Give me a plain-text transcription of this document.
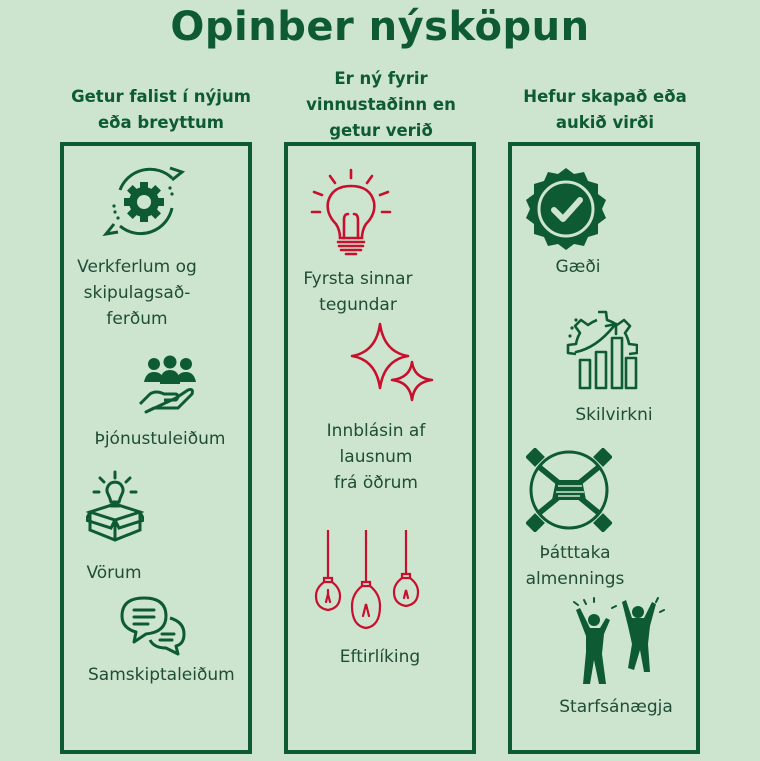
Opinber nýsköpun
Getur falist í nýjum eða breyttum
Er ný fyrir vinnustaðinn en getur verið
Hefur skapað eða aukið virði
Verkferlum og skipulagsað-ferðum
Þjónustuleiðum
Vörum
Samskiptaleiðum
Fyrsta sinnar tegundar
Innblásin af lausnum frá öðrum
Eftirlíking
Gæði
Skilvirkni
Þátttaka almennings
Starfsánægja
